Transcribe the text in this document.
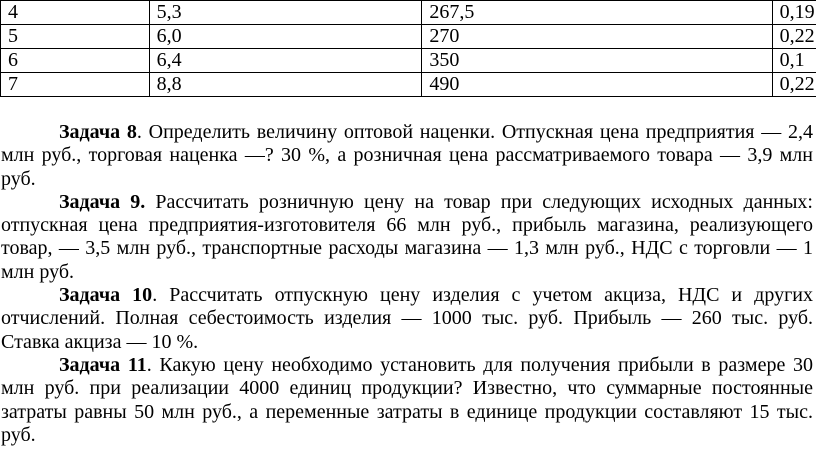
4	5,3	267,5	0,19
5	6,0	270	0,22
6	6,4	350	0,1
7	8,8	490	0,22

Задача 8. Определить величину оптовой наценки. Отпускная цена предприятия — 2,4 млн руб., торговая наценка —? 30 %, а розничная цена рассматриваемого товара — 3,9 млн руб.

Задача 9. Рассчитать розничную цену на товар при следующих исходных данных: отпускная цена предприятия-изготовителя 66 млн руб., прибыль магазина, реализующего товар, — 3,5 млн руб., транспортные расходы магазина — 1,3 млн руб., НДС с торговли — 1 млн руб.

Задача 10. Рассчитать отпускную цену изделия с учетом акциза, НДС и других отчислений. Полная себестоимость изделия — 1000 тыс. руб. Прибыль — 260 тыс. руб. Ставка акциза — 10 %.

Задача 11. Какую цену необходимо установить для получения прибыли в размере 30 млн руб. при реализации 4000 единиц продукции? Известно, что суммарные постоянные затраты равны 50 млн руб., а переменные затраты в единице продукции составляют 15 тыс. руб.
